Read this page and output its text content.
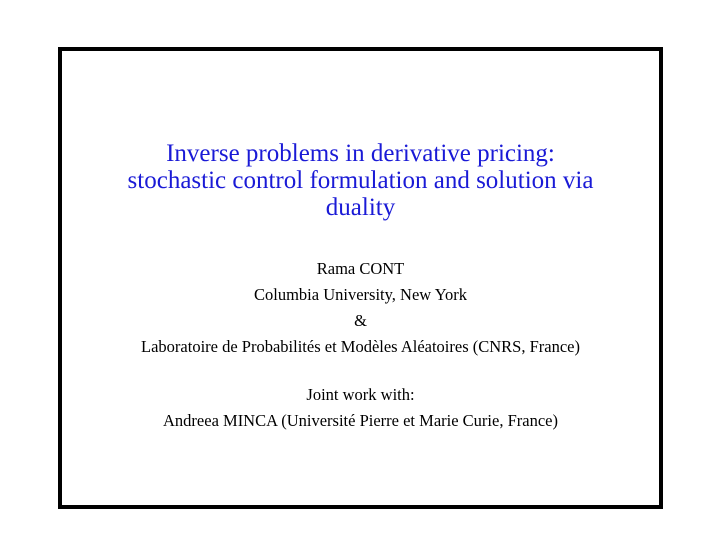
Inverse problems in derivative pricing:
stochastic control formulation and solution via
duality
Rama CONT
Columbia University, New York
&
Laboratoire de Probabilités et Modèles Aléatoires (CNRS, France)
Joint work with:
Andreea MINCA (Université Pierre et Marie Curie, France)
